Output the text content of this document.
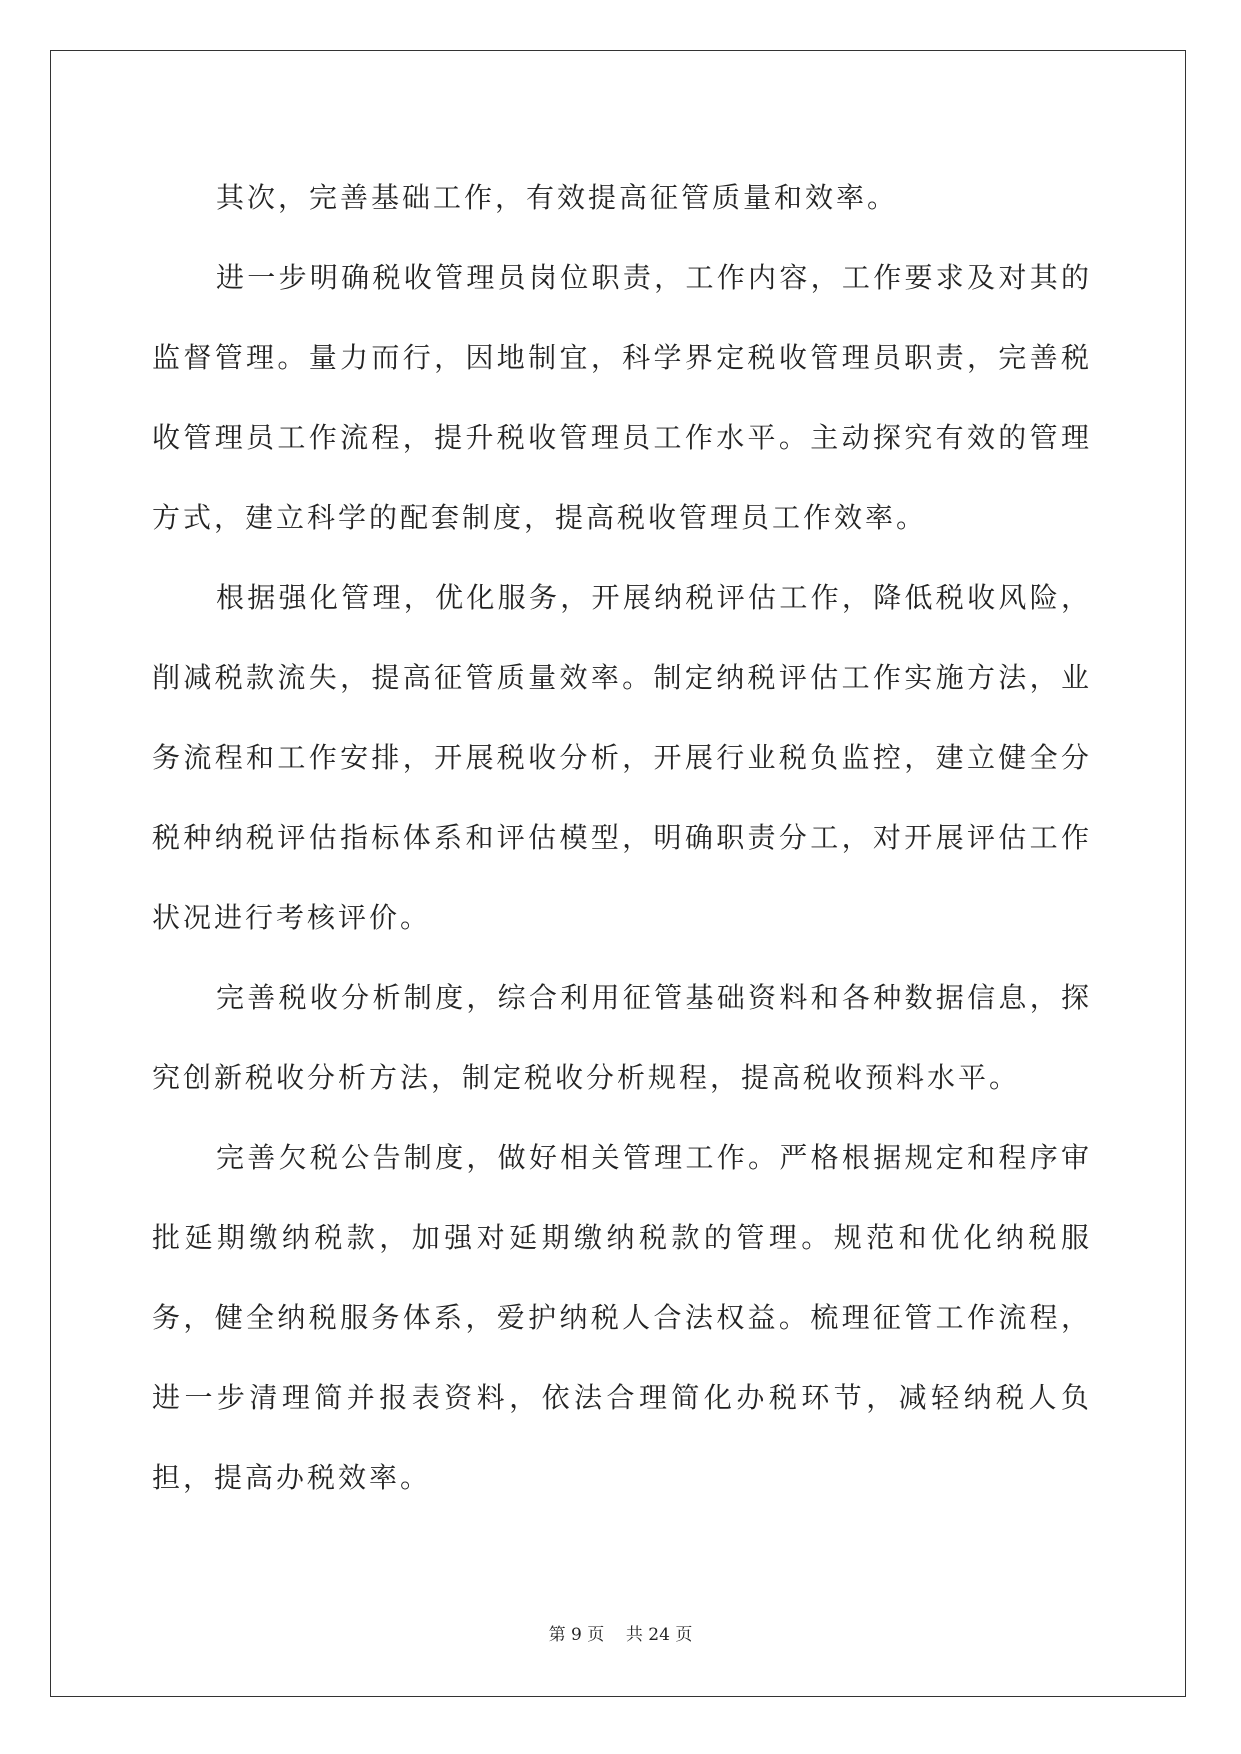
其次，完善基础工作，有效提高征管质量和效率。

进一步明确税收管理员岗位职责，工作内容，工作要求及对其的监督管理。量力而行，因地制宜，科学界定税收管理员职责，完善税收管理员工作流程，提升税收管理员工作水平。主动探究有效的管理方式，建立科学的配套制度，提高税收管理员工作效率。

根据强化管理，优化服务，开展纳税评估工作，降低税收风险，削减税款流失，提高征管质量效率。制定纳税评估工作实施方法，业务流程和工作安排，开展税收分析，开展行业税负监控，建立健全分税种纳税评估指标体系和评估模型，明确职责分工，对开展评估工作状况进行考核评价。

完善税收分析制度，综合利用征管基础资料和各种数据信息，探究创新税收分析方法，制定税收分析规程，提高税收预料水平。

完善欠税公告制度，做好相关管理工作。严格根据规定和程序审批延期缴纳税款，加强对延期缴纳税款的管理。规范和优化纳税服务，健全纳税服务体系，爱护纳税人合法权益。梳理征管工作流程，进一步清理简并报表资料，依法合理简化办税环节，减轻纳税人负担，提高办税效率。

第 9 页    共 24 页
